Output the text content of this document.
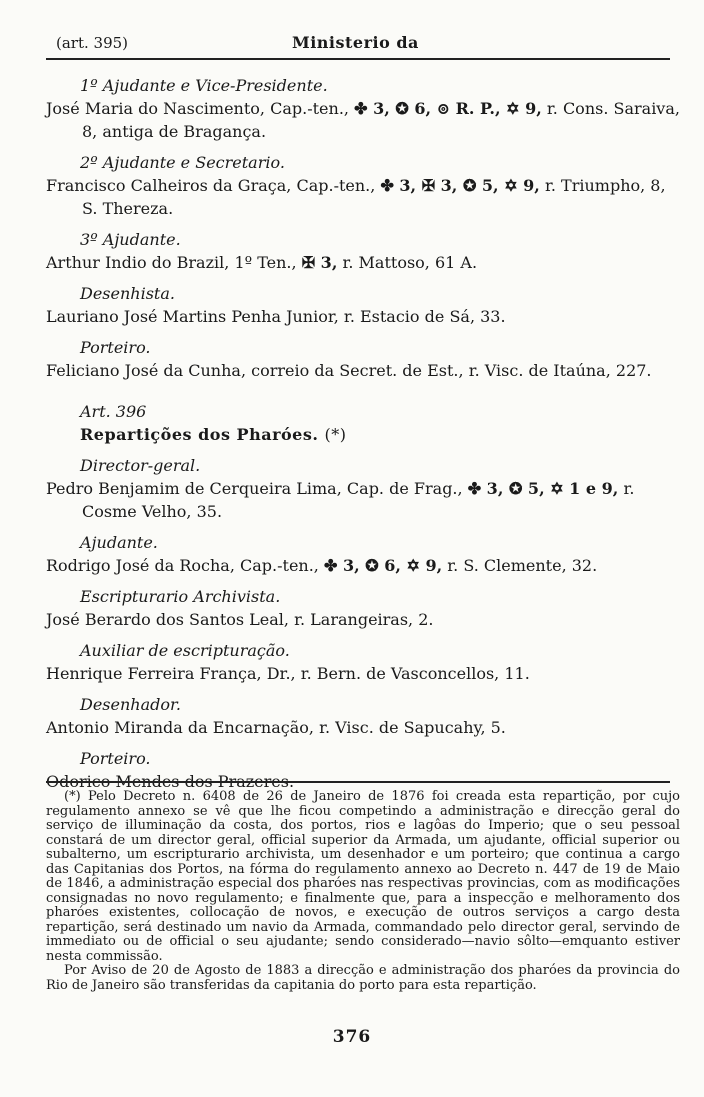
(art. 395)	Ministerio da
1º Ajudante e Vice-Presidente.
José Maria do Nascimento, Cap.-ten., ✤ 3, ✪ 6, ⊚ R. P., ✡ 9, r. Cons. Saraiva, 8, antiga de Bragança.
2º Ajudante e Secretario.
Francisco Calheiros da Graça, Cap.-ten., ✤ 3, ✠ 3, ✪ 5, ✡ 9, r. Triumpho, 8, S. Thereza.
3º Ajudante.
Arthur Indio do Brazil, 1º Ten., ✠ 3, r. Mattoso, 61 A.
Desenhista.
Lauriano José Martins Penha Junior, r. Estacio de Sá, 33.
Porteiro.
Feliciano José da Cunha, correio da Secret. de Est., r. Visc. de Itaúna, 227.
Art. 396
Repartições dos Pharóes. (*)
Director-geral.
Pedro Benjamim de Cerqueira Lima, Cap. de Frag., ✤ 3, ✪ 5, ✡ 1 e 9, r. Cosme Velho, 35.
Ajudante.
Rodrigo José da Rocha, Cap.-ten., ✤ 3, ✪ 6, ✡ 9, r. S. Clemente, 32.
Escripturario Archivista.
José Berardo dos Santos Leal, r. Larangeiras, 2.
Auxiliar de escripturação.
Henrique Ferreira França, Dr., r. Bern. de Vasconcellos, 11.
Desenhador.
Antonio Miranda da Encarnação, r. Visc. de Sapucahy, 5.
Porteiro.
Odorico Mendes dos Prazeres.

(*) Pelo Decreto n. 6408 de 26 de Janeiro de 1876 foi creada esta repartição, por cujo regulamento annexo se vê que lhe ficou competindo a administração e direcção geral do serviço de illuminação da costa, dos portos, rios e lagôas do Imperio; que o seu pessoal constará de um director geral, official superior da Armada, um ajudante, official superior ou subalterno, um escripturario archivista, um desenhador e um porteiro; que continua a cargo das Capitanias dos Portos, na fórma do regulamento annexo ao Decreto n. 447 de 19 de Maio de 1846, a administração especial dos pharóes nas respectivas provincias, com as modificações consignadas no novo regulamento; e finalmente que, para a inspecção e melhoramento dos pharóes existentes, collocação de novos, e execução de outros serviços a cargo desta repartição, será destinado um navio da Armada, commandado pelo director geral, servindo de immediato ou de official o seu ajudante; sendo considerado—navio sôlto—emquanto estiver nesta commissão.

Por Aviso de 20 de Agosto de 1883 a direcção e administração dos pharóes da provincia do Rio de Janeiro são transferidas da capitania do porto para esta repartição.

376
